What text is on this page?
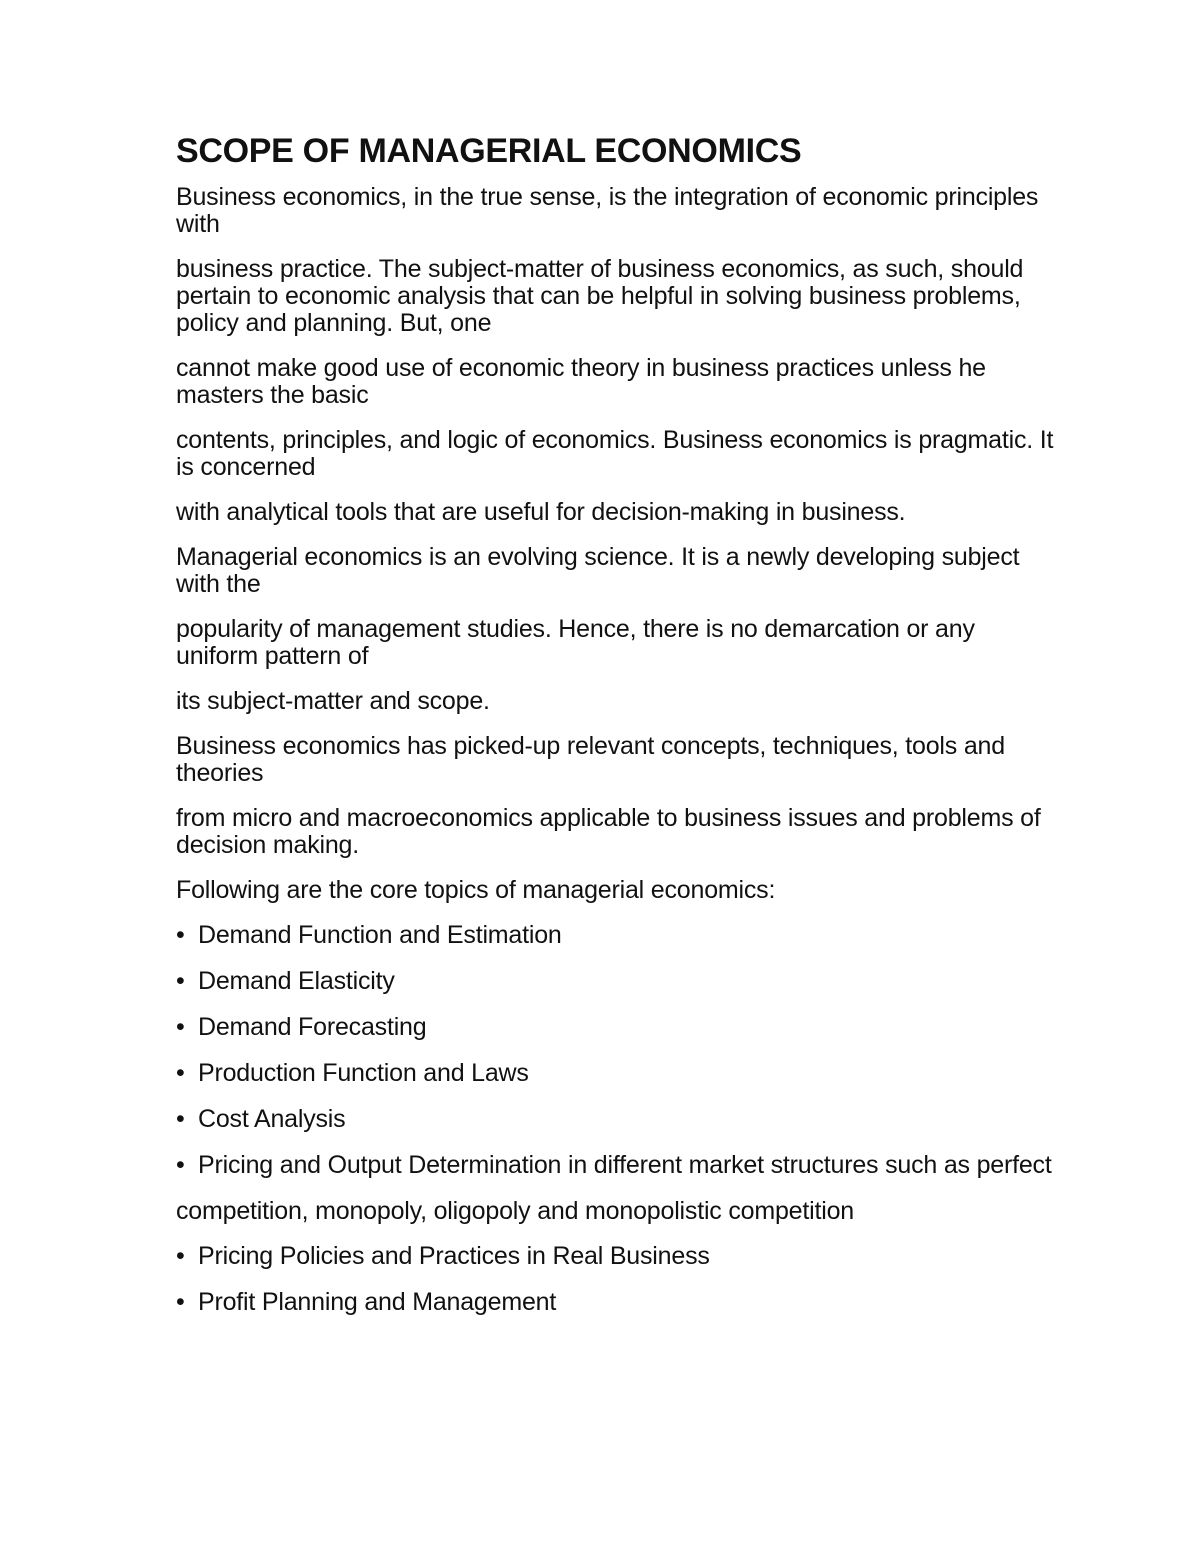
SCOPE OF MANAGERIAL ECONOMICS

Business economics, in the true sense, is the integration of economic principles with

business practice. The subject-matter of business economics, as such, should pertain to economic analysis that can be helpful in solving business problems, policy and planning. But, one

cannot make good use of economic theory in business practices unless he masters the basic

contents, principles, and logic of economics. Business economics is pragmatic. It is concerned

with analytical tools that are useful for decision-making in business.

Managerial economics is an evolving science. It is a newly developing subject with the

popularity of management studies. Hence, there is no demarcation or any uniform pattern of

its subject-matter and scope.

Business economics has picked-up relevant concepts, techniques, tools and theories

from micro and macroeconomics applicable to business issues and problems of decision making.

Following are the core topics of managerial economics:

• Demand Function and Estimation

• Demand Elasticity

• Demand Forecasting

• Production Function and Laws

• Cost Analysis

• Pricing and Output Determination in different market structures such as perfect

competition, monopoly, oligopoly and monopolistic competition

• Pricing Policies and Practices in Real Business

• Profit Planning and Management
